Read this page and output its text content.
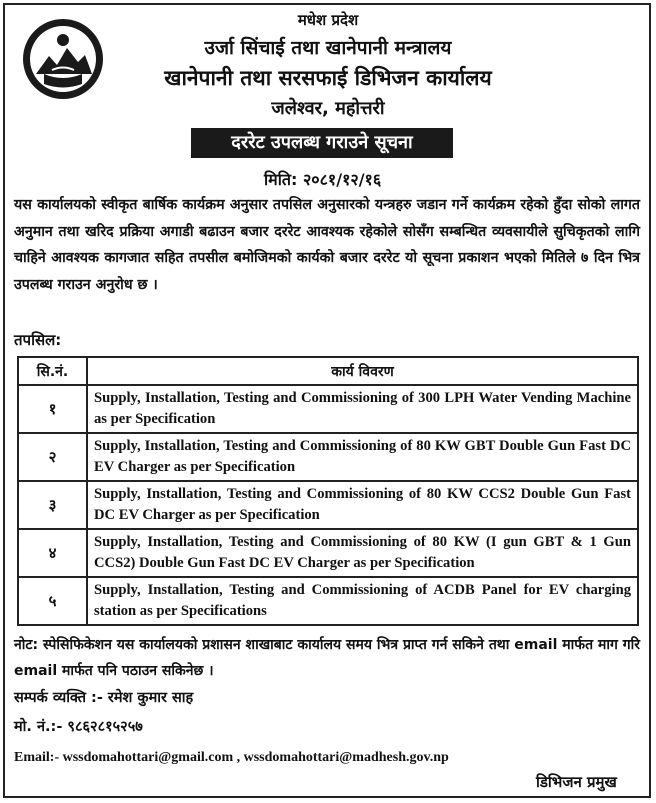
मधेश प्रदेश
उर्जा सिंचाई तथा खानेपानी मन्त्रालय
खानेपानी तथा सरसफाई डिभिजन कार्यालय
जलेश्वर, महोत्तरी
दररेट उपलब्ध गराउने सूचना
मिति: २०८१/१२/१६
यस कार्यालयको स्वीकृत बार्षिक कार्यक्रम अनुसार तपसिल अनुसारको यन्त्रहरु जडान गर्ने कार्यक्रम रहेको हुँदा सोको लागत अनुमान तथा खरिद प्रक्रिया अगाडी बढाउन बजार दररेट आवश्यक रहेकोले सोसँग सम्बन्धित व्यवसायीले सुचिकृतको लागि चाहिने आवश्यक कागजात सहित तपसील बमोजिमको कार्यको बजार दररेट यो सूचना प्रकाशन भएको मितिले ७ दिन भित्र उपलब्ध गराउन अनुरोध छ ।
तपसिल:
सि.नं.	कार्य विवरण
१	Supply, Installation, Testing and Commissioning of 300 LPH Water Vending Machine as per Specification
२	Supply, Installation, Testing and Commissioning of 80 KW GBT Double Gun Fast DC EV Charger as per Specification
३	Supply, Installation, Testing and Commissioning of 80 KW CCS2 Double Gun Fast DC EV Charger as per Specification
४	Supply, Installation, Testing and Commissioning of 80 KW (I gun GBT & 1 Gun CCS2) Double Gun Fast DC EV Charger as per Specification
५	Supply, Installation, Testing and Commissioning of ACDB Panel for EV charging station as per Specifications
नोट: स्पेसिफिकेशन यस कार्यालयको प्रशासन शाखाबाट कार्यालय समय भित्र प्राप्त गर्न सकिने तथा email मार्फत माग गरि email मार्फत पनि पठाउन सकिनेछ ।
सम्पर्क व्यक्ति :- रमेश कुमार साह
मो. नं.:- ९८६२८१५२५७
Email:- wssdomahottari@gmail.com , wssdomahottari@madhesh.gov.np
डिभिजन प्रमुख
